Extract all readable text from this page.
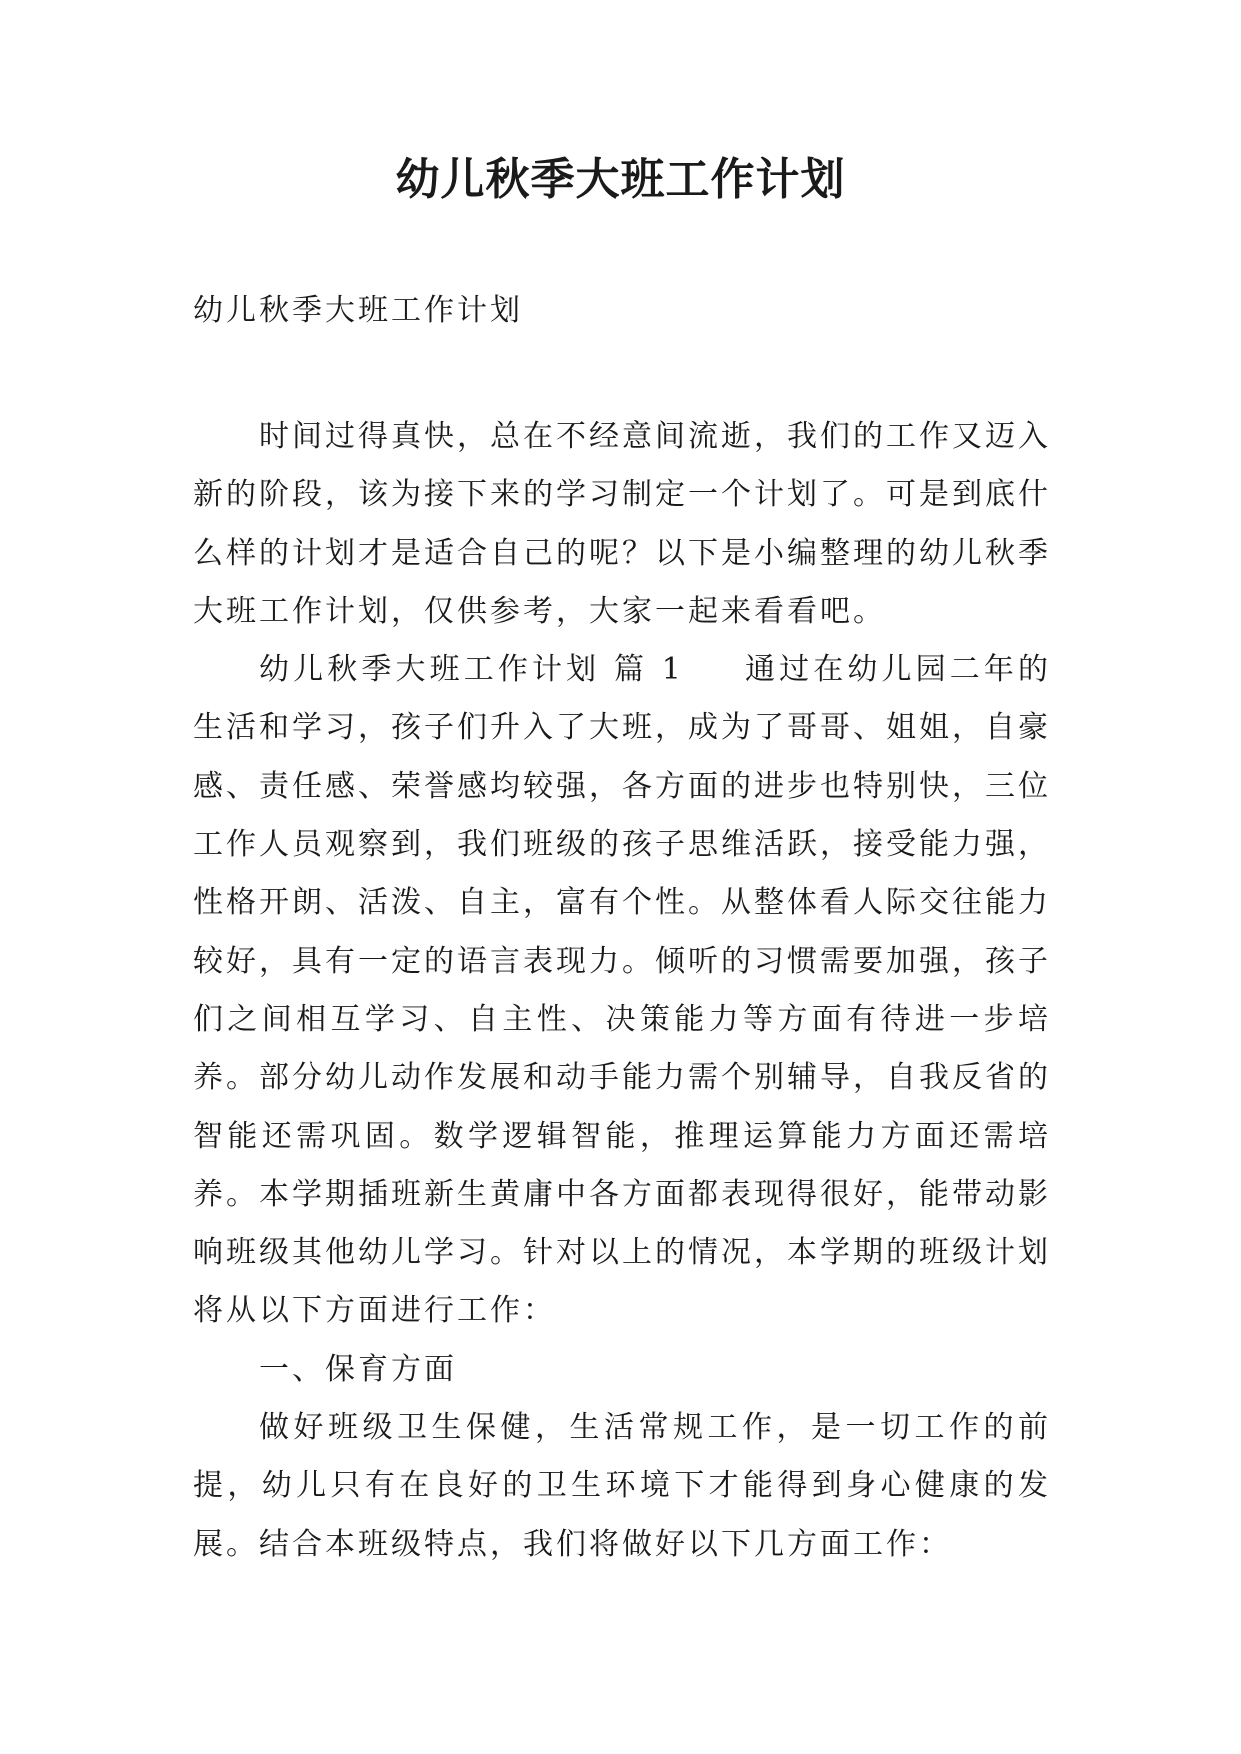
幼儿秋季大班工作计划

幼儿秋季大班工作计划

时间过得真快，总在不经意间流逝，我们的工作又迈入新的阶段，该为接下来的学习制定一个计划了。可是到底什么样的计划才是适合自己的呢？以下是小编整理的幼儿秋季大班工作计划，仅供参考，大家一起来看看吧。

幼儿秋季大班工作计划 篇 1 通过在幼儿园二年的生活和学习，孩子们升入了大班，成为了哥哥、姐姐，自豪感、责任感、荣誉感均较强，各方面的进步也特别快，三位工作人员观察到，我们班级的孩子思维活跃，接受能力强，性格开朗、活泼、自主，富有个性。从整体看人际交往能力较好，具有一定的语言表现力。倾听的习惯需要加强，孩子们之间相互学习、自主性、决策能力等方面有待进一步培养。部分幼儿动作发展和动手能力需个别辅导，自我反省的智能还需巩固。数学逻辑智能，推理运算能力方面还需培养。本学期插班新生黄庸中各方面都表现得很好，能带动影响班级其他幼儿学习。针对以上的情况，本学期的班级计划将从以下方面进行工作：

一、保育方面

做好班级卫生保健，生活常规工作，是一切工作的前提，幼儿只有在良好的卫生环境下才能得到身心健康的发展。结合本班级特点，我们将做好以下几方面工作：
